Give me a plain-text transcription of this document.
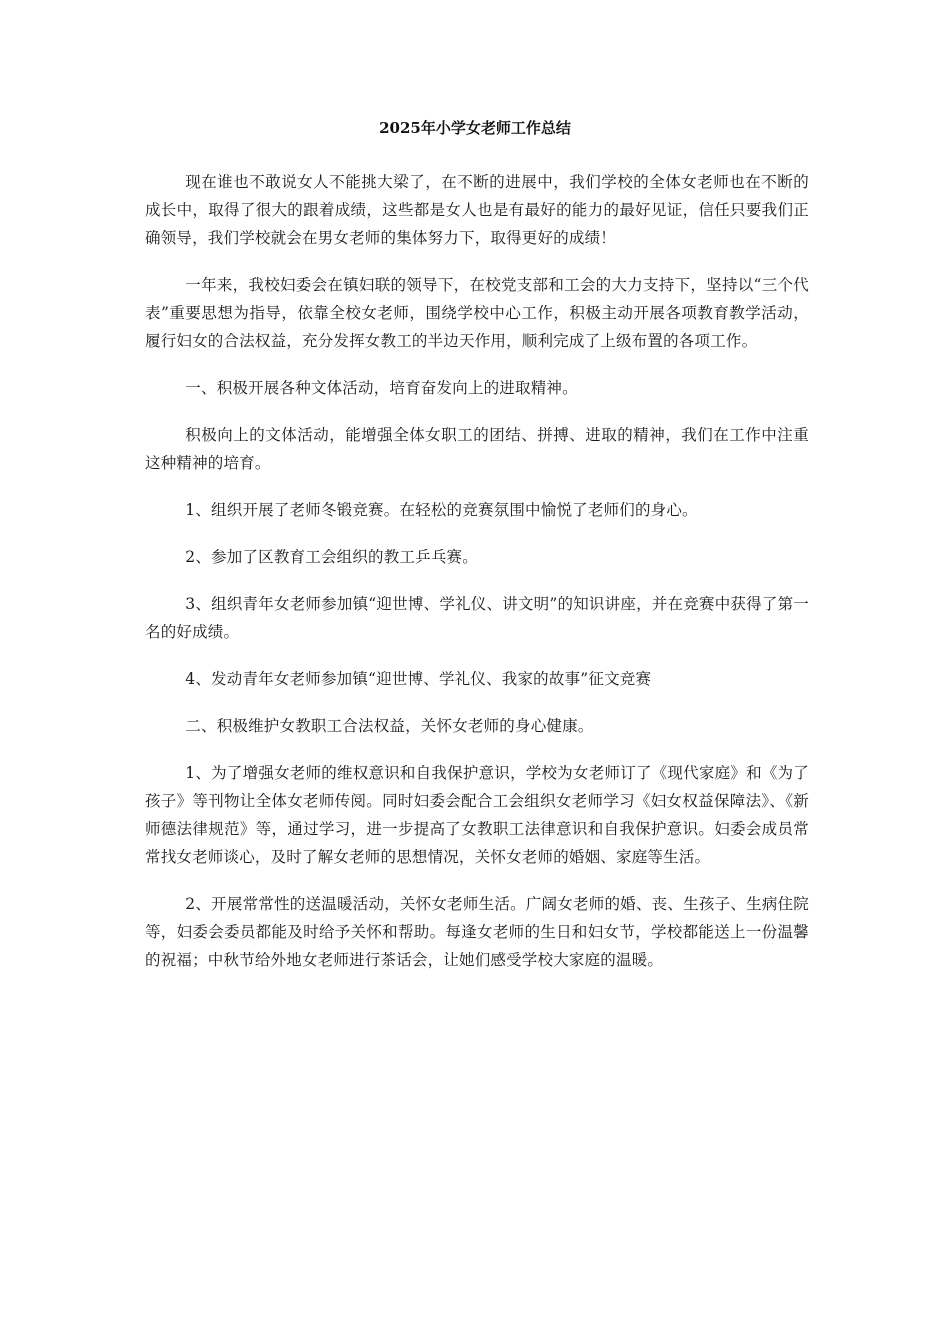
2025年小学女老师工作总结

现在谁也不敢说女人不能挑大梁了，在不断的进展中，我们学校的全体女老师也在不断的成长中，取得了很大的跟着成绩，这些都是女人也是有最好的能力的最好见证，信任只要我们正确领导，我们学校就会在男女老师的集体努力下，取得更好的成绩！

一年来，我校妇委会在镇妇联的领导下，在校党支部和工会的大力支持下，坚持以“三个代表”重要思想为指导，依靠全校女老师，围绕学校中心工作，积极主动开展各项教育教学活动，履行妇女的合法权益，充分发挥女教工的半边天作用，顺利完成了上级布置的各项工作。

一、积极开展各种文体活动，培育奋发向上的进取精神。

积极向上的文体活动，能增强全体女职工的团结、拼搏、进取的精神，我们在工作中注重这种精神的培育。

1、组织开展了老师冬锻竞赛。在轻松的竞赛氛围中愉悦了老师们的身心。

2、参加了区教育工会组织的教工乒乓赛。

3、组织青年女老师参加镇“迎世博、学礼仪、讲文明”的知识讲座，并在竞赛中获得了第一名的好成绩。

4、发动青年女老师参加镇“迎世博、学礼仪、我家的故事”征文竞赛

二、积极维护女教职工合法权益，关怀女老师的身心健康。

1、为了增强女老师的维权意识和自我保护意识，学校为女老师订了《现代家庭》和《为了孩子》等刊物让全体女老师传阅。同时妇委会配合工会组织女老师学习《妇女权益保障法》、《新师德法律规范》等，通过学习，进一步提高了女教职工法律意识和自我保护意识。妇委会成员常常找女老师谈心，及时了解女老师的思想情况，关怀女老师的婚姻、家庭等生活。

2、开展常常性的送温暖活动，关怀女老师生活。广阔女老师的婚、丧、生孩子、生病住院等，妇委会委员都能及时给予关怀和帮助。每逢女老师的生日和妇女节，学校都能送上一份温馨的祝福；中秋节给外地女老师进行茶话会，让她们感受学校大家庭的温暖。
